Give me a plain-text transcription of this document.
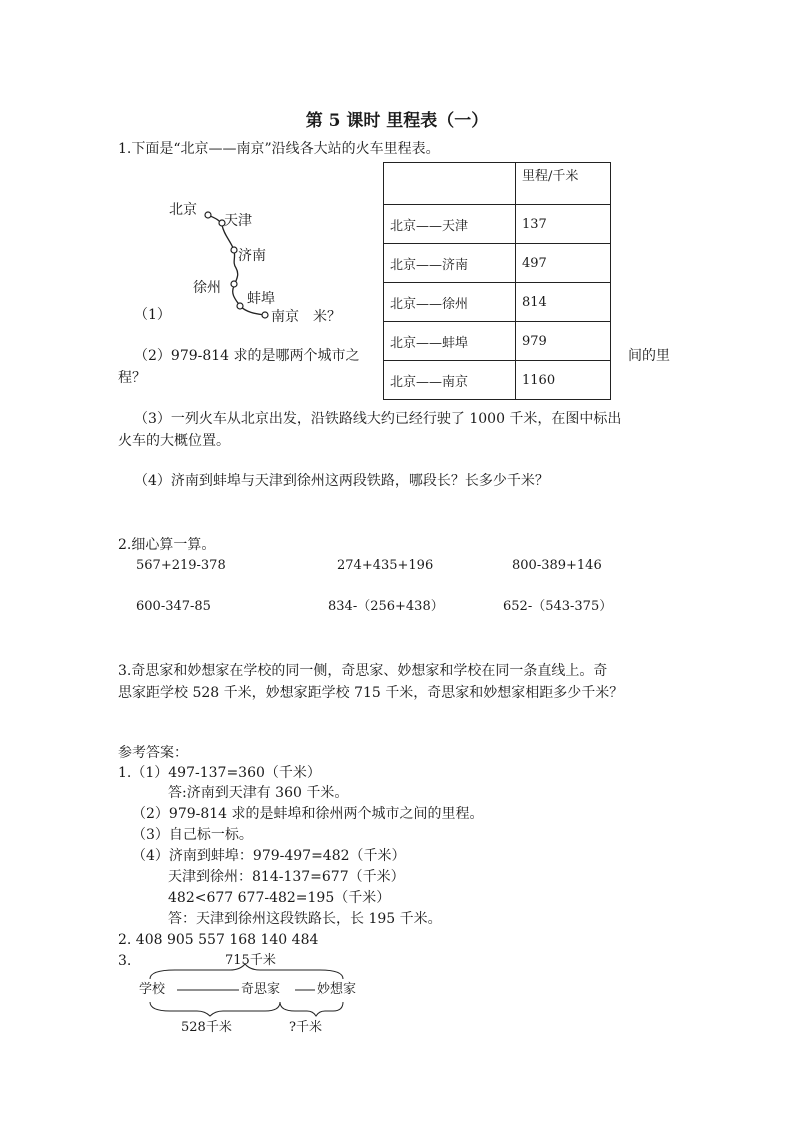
第 5 课时 里程表（一）
1.下面是“北京——南京”沿线各大站的火车里程表。
北京
天津
济南
徐州
蚌埠
南京 米？
（1）
	里程/千米
北京——天津	137
北京——济南	497
北京——徐州	814
北京——蚌埠	979
北京——南京	1160
（2）979-814 求的是哪两个城市之	间的里
程？
（3）一列火车从北京出发，沿铁路线大约已经行驶了 1000 千米，在图中标出
火车的大概位置。
（4）济南到蚌埠与天津到徐州这两段铁路，哪段长？长多少千米？
2.细心算一算。
567+219-378	274+435+196	800-389+146
600-347-85	834-（256+438）	652-（543-375）
3.奇思家和妙想家在学校的同一侧，奇思家、妙想家和学校在同一条直线上。奇
思家距学校 528 千米，妙想家距学校 715 千米，奇思家和妙想家相距多少千米？
参考答案：
1.（1）497-137=360（千米）
答:济南到天津有 360 千米。
（2）979-814 求的是蚌埠和徐州两个城市之间的里程。
（3）自己标一标。
（4）济南到蚌埠：979-497=482（千米）
天津到徐州：814-137=677（千米）
482<677 677-482=195（千米）
答：天津到徐州这段铁路长，长 195 千米。
2. 408 905 557 168 140 484
3.	715千米
学校	奇思家	妙想家
528千米	?千米
